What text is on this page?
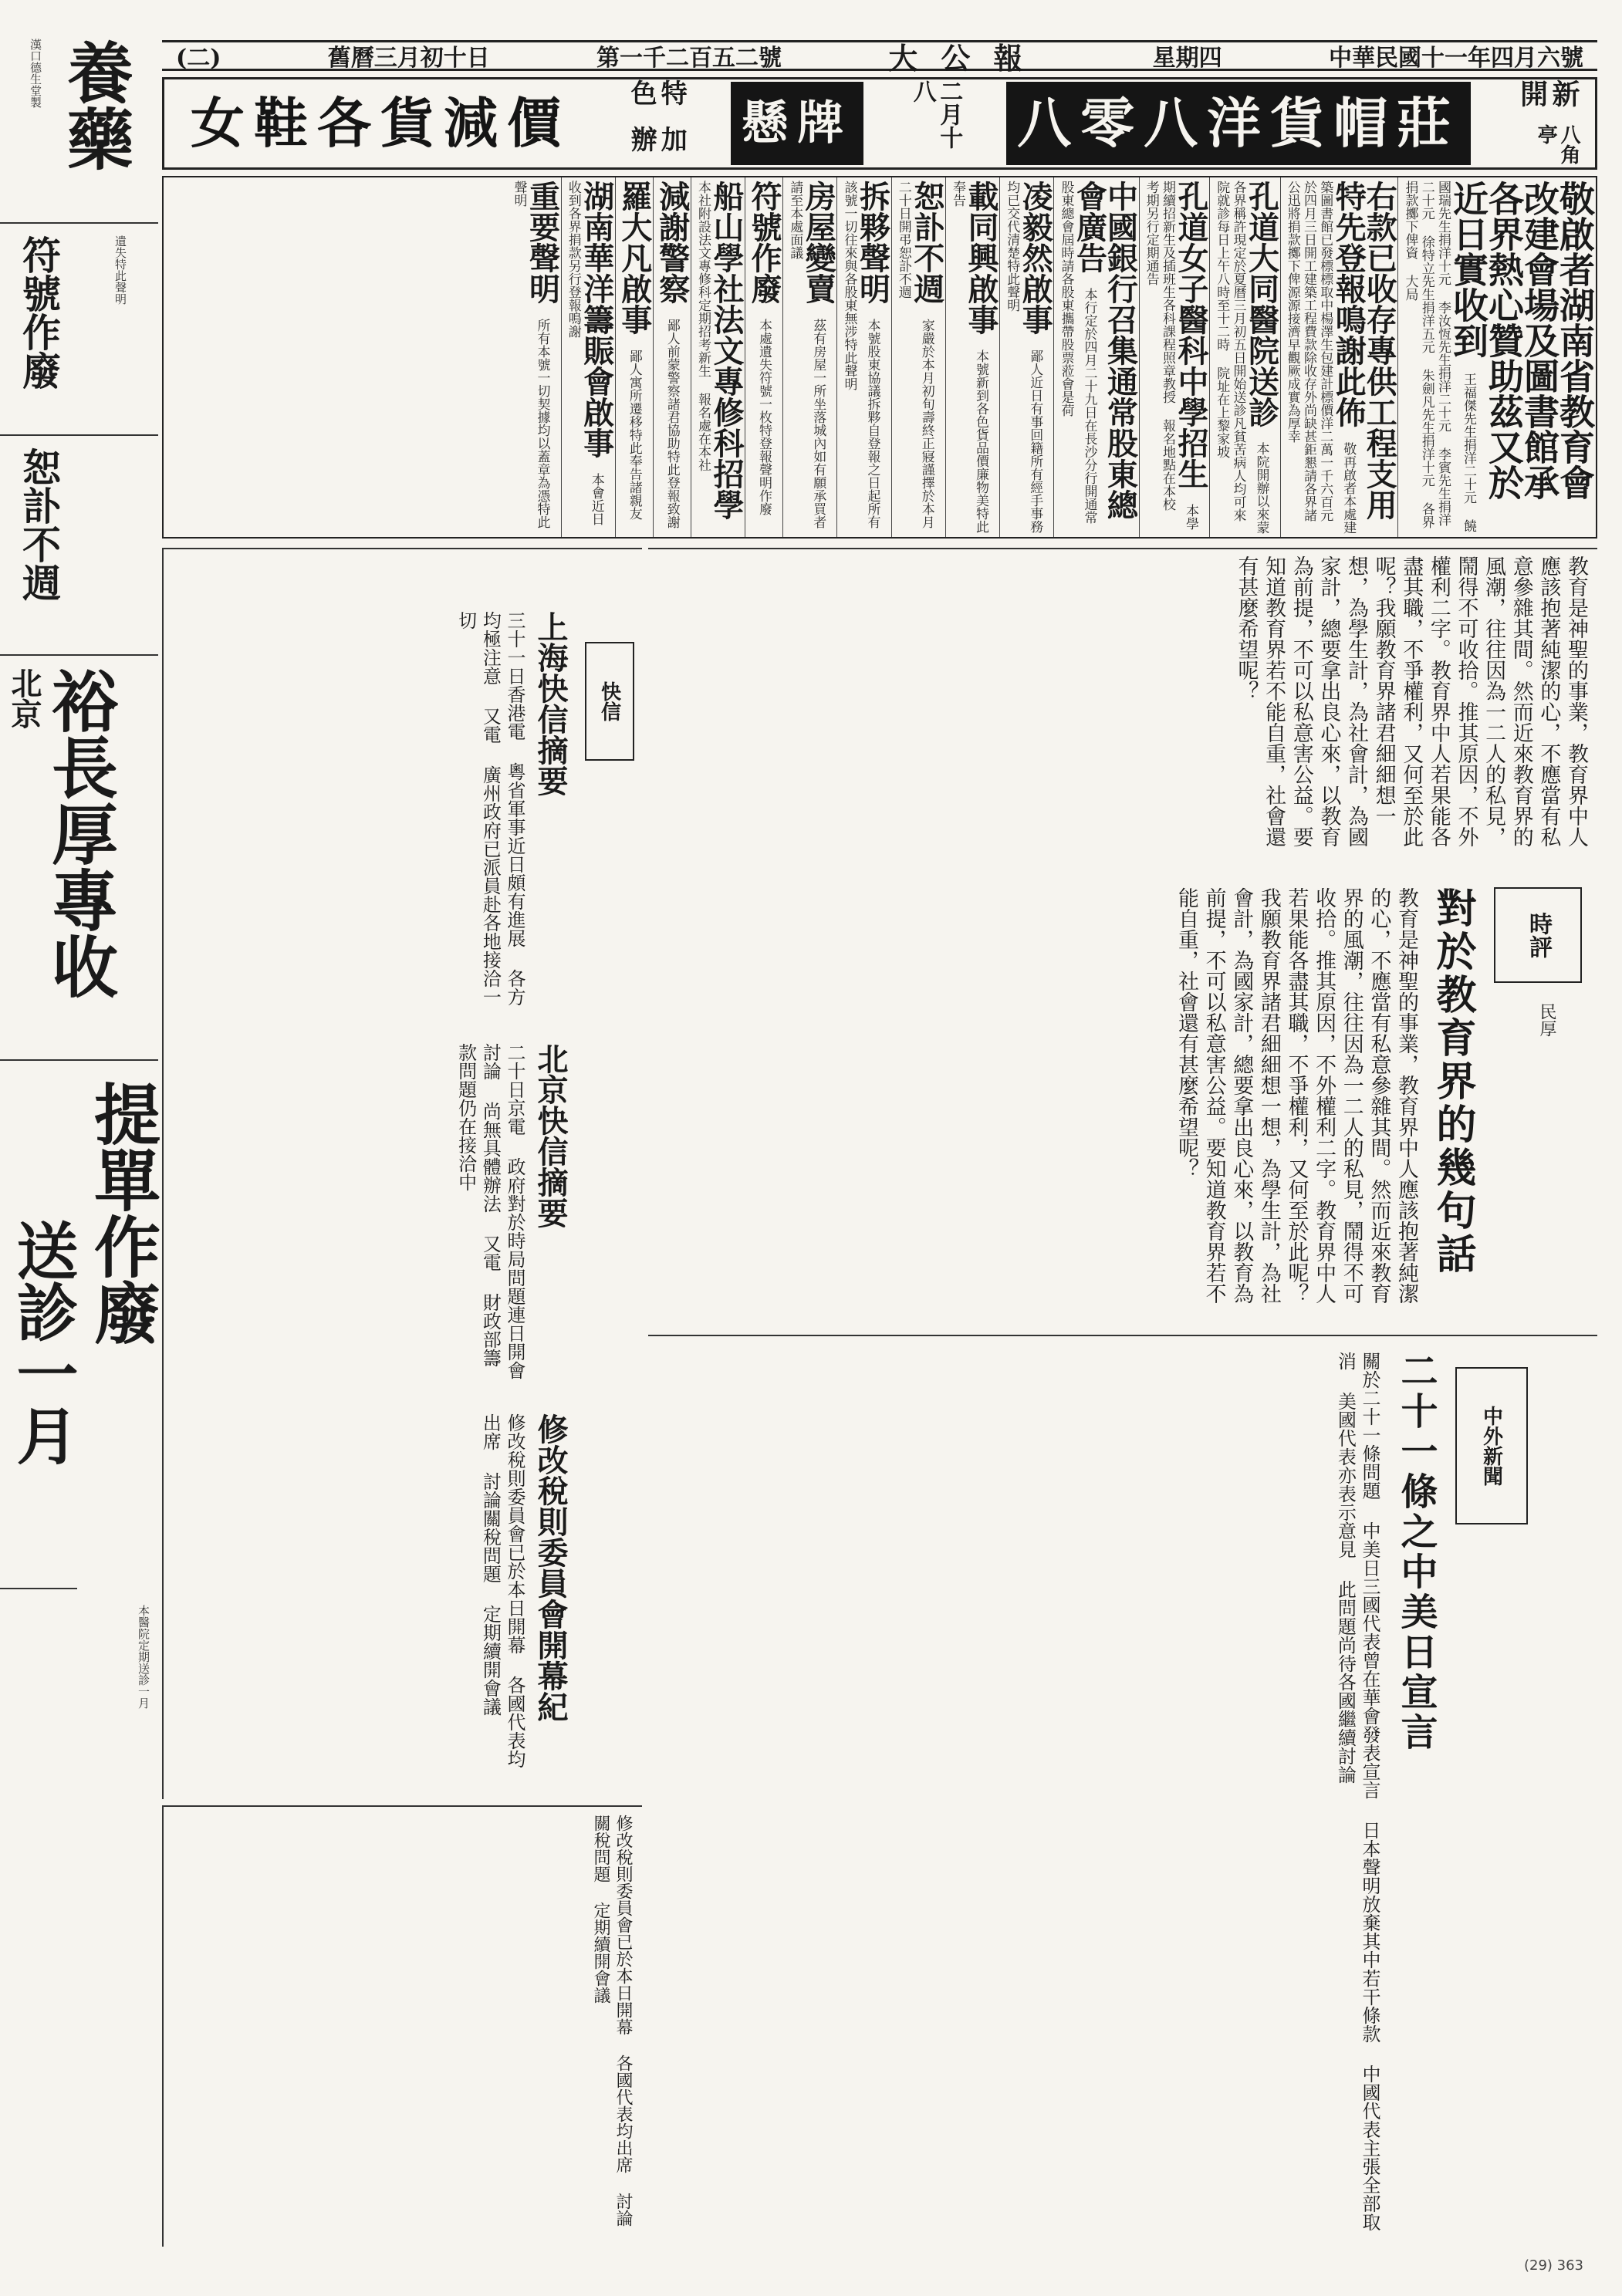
中華民國十一年四月六號
星期四
大公報
第一千二百五二號
舊曆三月初十日
(二)
八角亭
新開
八零八洋貨帽莊
二月十八
懸牌
加辦
特色
女鞋各貨減價
敬啟者湖南省教育會改建會場及圖書館承各界熱心贊助茲又於近日實收到 王福傑先生捐洋二十元 饒國瑞先生捐洋十元 李汝恆先生捐洋二十元 李賓先生捐洋二十元 徐特立先生捐洋五元 朱劍凡先生捐洋十元 各界捐款擲下俾資 大局
右款已收存專供工程支用特先登報鳴謝此佈 敬再啟者本處建築圖書館已發標標取中楊澤生包建計標價洋二萬一千六百元於四月三日開工建築工程費款除收存外尚缺甚鉅懇請各界諸公迅將捐款擲下俾源源接濟早觀厥成實為厚幸
孔道大同醫院送診 本院開辦以來蒙各界稱許現定於夏曆三月初五日開始送診凡貧苦病人均可來院就診每日上午八時至十二時 院址在上黎家坡
孔道女子醫科中學招生 本學期續招新生及插班生各科課程照章教授 報名地點在本校 考期另行定期通告
中國銀行召集通常股東總會廣告 本行定於四月二十九日在長沙分行開通常股東總會屆時請各股東攜帶股票蒞會是荷
凌毅然啟事 鄙人近日有事回籍所有經手事務均已交代清楚特此聲明
載同興啟事 本號新到各色貨品價廉物美特此奉告
恕訃不週 家嚴於本月初旬壽終正寢謹擇於本月二十日開弔恕訃不週
拆夥聲明 本號股東協議拆夥自登報之日起所有該號一切往來與各股東無涉特此聲明
房屋變賣 茲有房屋一所坐落城內如有願承買者請至本處面議
符號作廢 本處遺失符號一枚特登報聲明作廢
船山學社法文專修科招學 本社附設法文專修科定期招考新生 報名處在本社
減謝警察 鄙人前蒙警察諸君協助特此登報致謝
羅大凡啟事 鄙人寓所遷移特此奉告諸親友
湖南華洋籌賑會啟事 本會近日收到各界捐款另行登報鳴謝
重要聲明 所有本號一切契據均以蓋章為憑特此聲明
時評
民厚
對於教育界的幾句話
教育是神聖的事業，教育界中人應該抱著純潔的心，不應當有私意參雜其間。然而近來教育界的風潮，往往因為一二人的私見，鬧得不可收拾。推其原因，不外權利二字。教育界中人若果能各盡其職，不爭權利，又何至於此呢？我願教育界諸君細細想一想，為學生計，為社會計，為國家計，總要拿出良心來，以教育為前提，不可以私意害公益。要知道教育界若不能自重，社會還有甚麼希望呢？
教育是神聖的事業，教育界中人應該抱著純潔的心，不應當有私意參雜其間。然而近來教育界的風潮，往往因為一二人的私見，鬧得不可收拾。推其原因，不外權利二字。教育界中人若果能各盡其職，不爭權利，又何至於此呢？我願教育界諸君細細想一想，為學生計，為社會計，為國家計，總要拿出良心來，以教育為前提，不可以私意害公益。要知道教育界若不能自重，社會還有甚麼希望呢？
快信
上海快信摘要
三十一日香港電 粵省軍事近日頗有進展 各方均極注意 又電 廣州政府已派員赴各地接洽一切
北京快信摘要
二十日京電 政府對於時局問題連日開會討論 尚無具體辦法 又電 財政部籌款問題仍在接洽中
修改稅則委員會開幕紀
修改稅則委員會已於本日開幕 各國代表均出席 討論關稅問題 定期續開會議	中外新聞
二十一條之中美日宣言
關於二十一條問題 中美日三國代表曾在華會發表宣言 日本聲明放棄其中若干條款 中國代表主張全部取消 美國代表亦表示意見 此問題尚待各國繼續討論
修改稅則委員會已於本日開幕 各國代表均出席 討論關稅問題 定期續開會議
養藥
漢口德生堂製
符號作廢	遺失特此聲明
恕訃不週
北京
裕長厚專收
提單作廢
送診一月
本醫院定期送診一月
(29) 363
